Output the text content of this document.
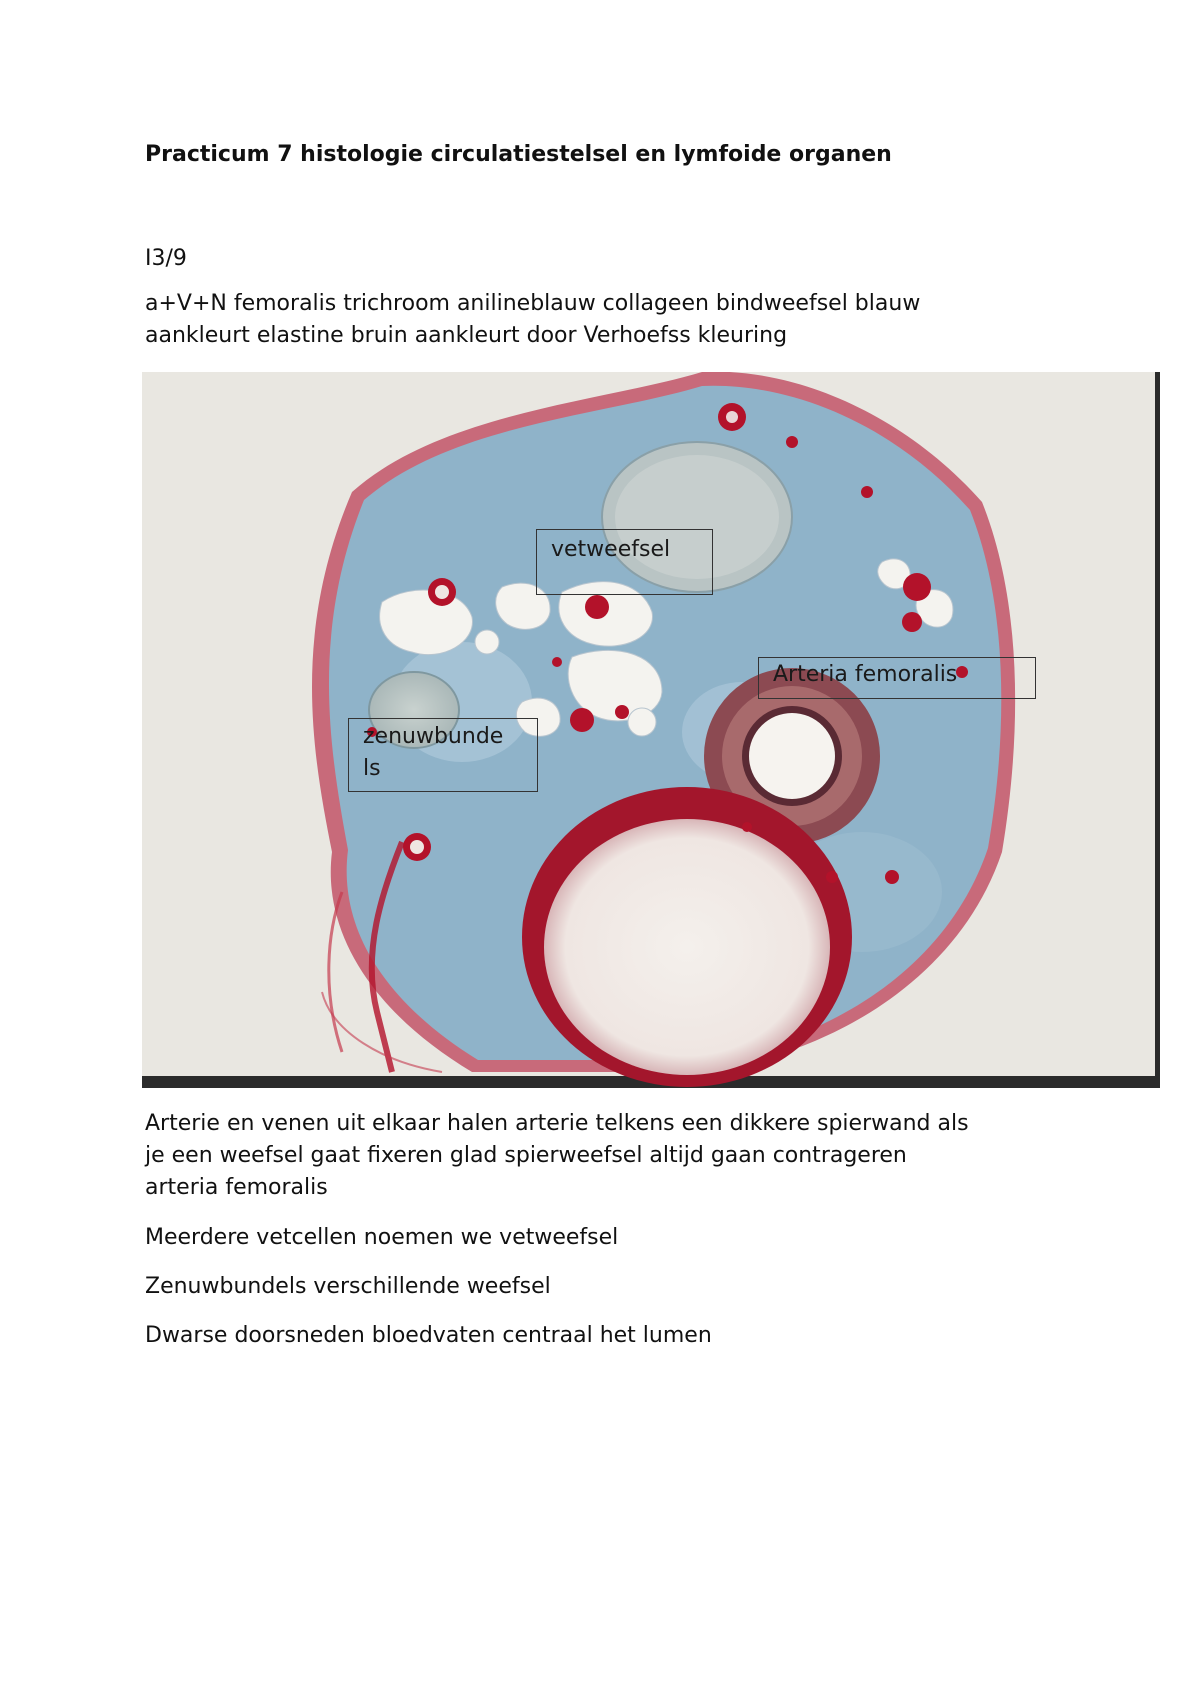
Practicum 7 histologie circulatiestelsel en lymfoide organen

I3/9

a+V+N femoralis trichroom anilineblauw collageen bindweefsel blauw
aankleurt elastine bruin aankleurt door Verhoefss kleuring

vetweefsel
Arteria femoralis
zenuwbunde
ls

Arterie en venen uit elkaar halen arterie telkens een dikkere spierwand als
je een weefsel gaat fixeren glad spierweefsel altijd gaan contrageren
arteria femoralis

Meerdere vetcellen noemen we vetweefsel

Zenuwbundels verschillende weefsel

Dwarse doorsneden bloedvaten centraal het lumen
